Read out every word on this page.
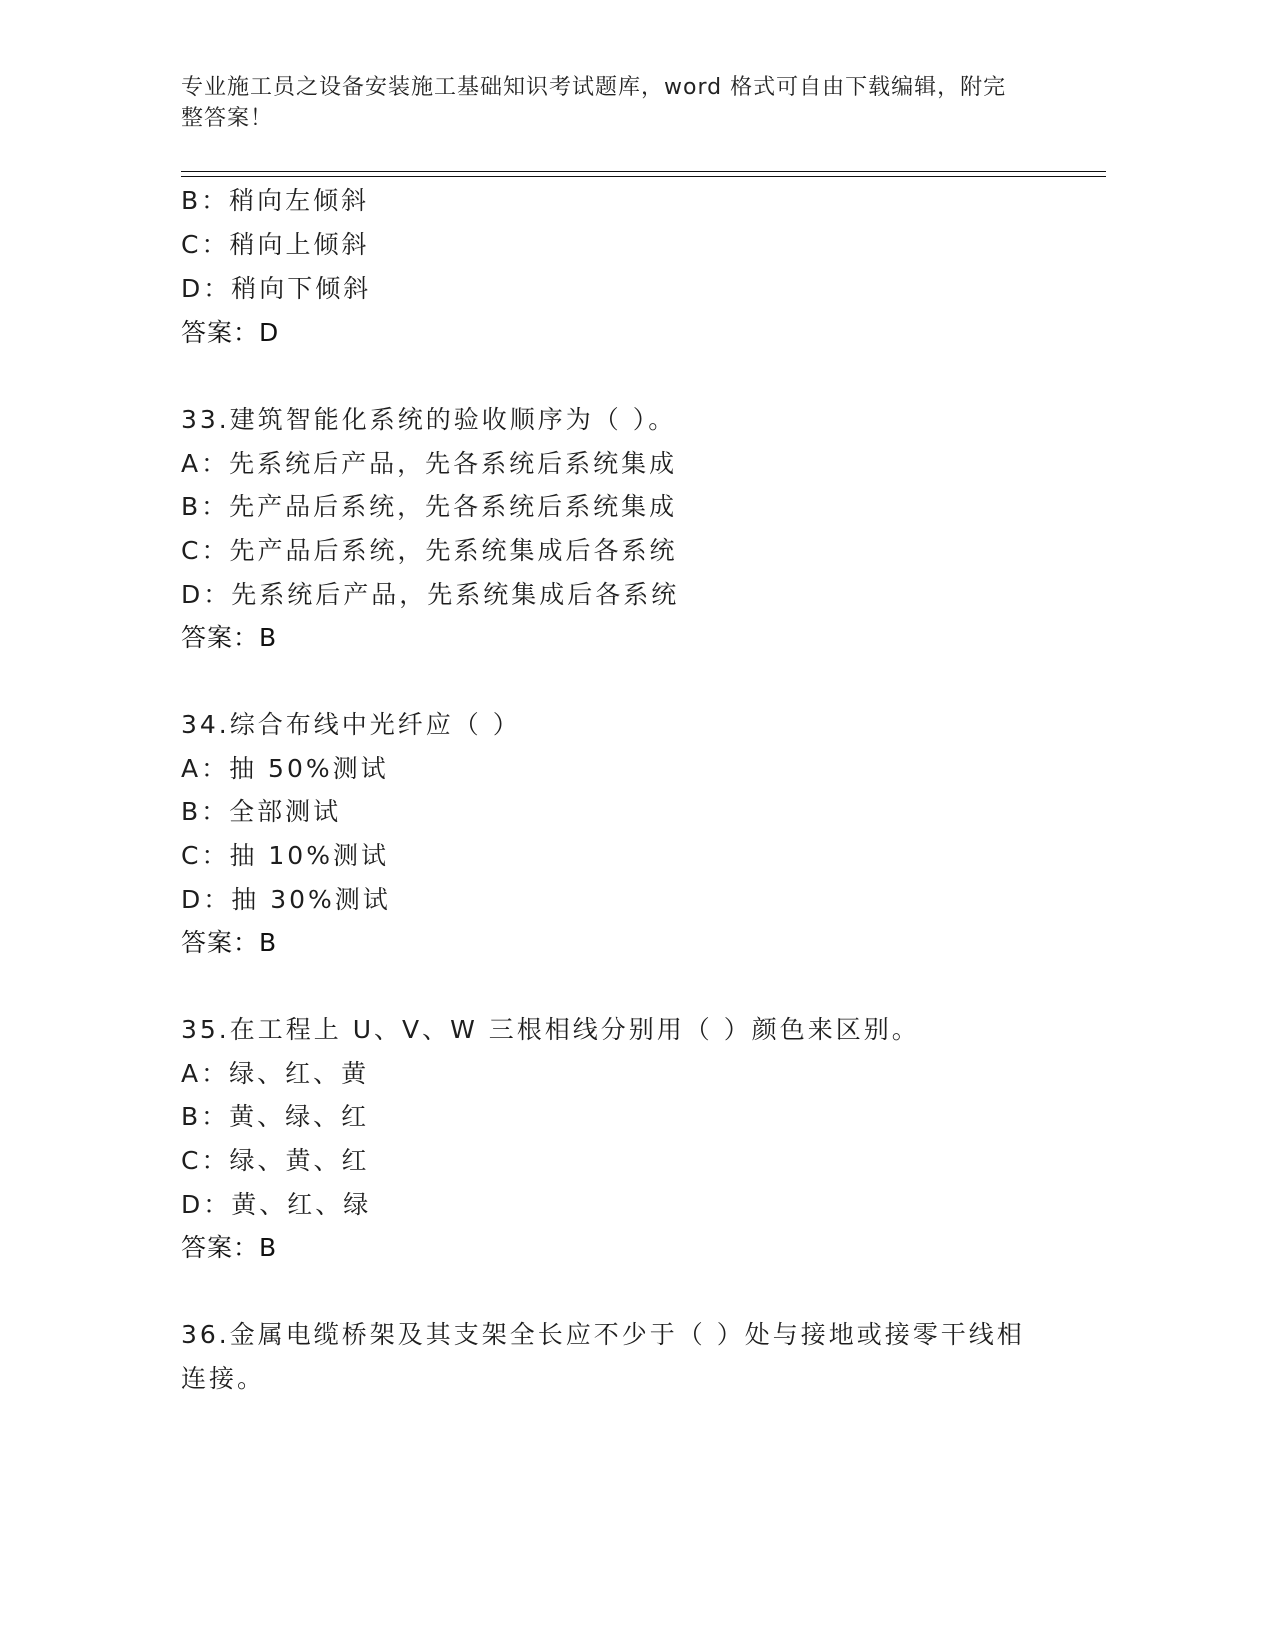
专业施工员之设备安装施工基础知识考试题库，word 格式可自由下载编辑，附完
整答案！
B：稍向左倾斜
C：稍向上倾斜
D：稍向下倾斜
答案：D
33.建筑智能化系统的验收顺序为（ ）。
A：先系统后产品，先各系统后系统集成
B：先产品后系统，先各系统后系统集成
C：先产品后系统，先系统集成后各系统
D：先系统后产品，先系统集成后各系统
答案：B
34.综合布线中光纤应（ ）
A：抽 50%测试
B：全部测试
C：抽 10%测试
D：抽 30%测试
答案：B
35.在工程上 U、V、W 三根相线分别用（ ）颜色来区别。
A：绿、红、黄
B：黄、绿、红
C：绿、黄、红
D：黄、红、绿
答案：B
36.金属电缆桥架及其支架全长应不少于（ ）处与接地或接零干线相
连接。
